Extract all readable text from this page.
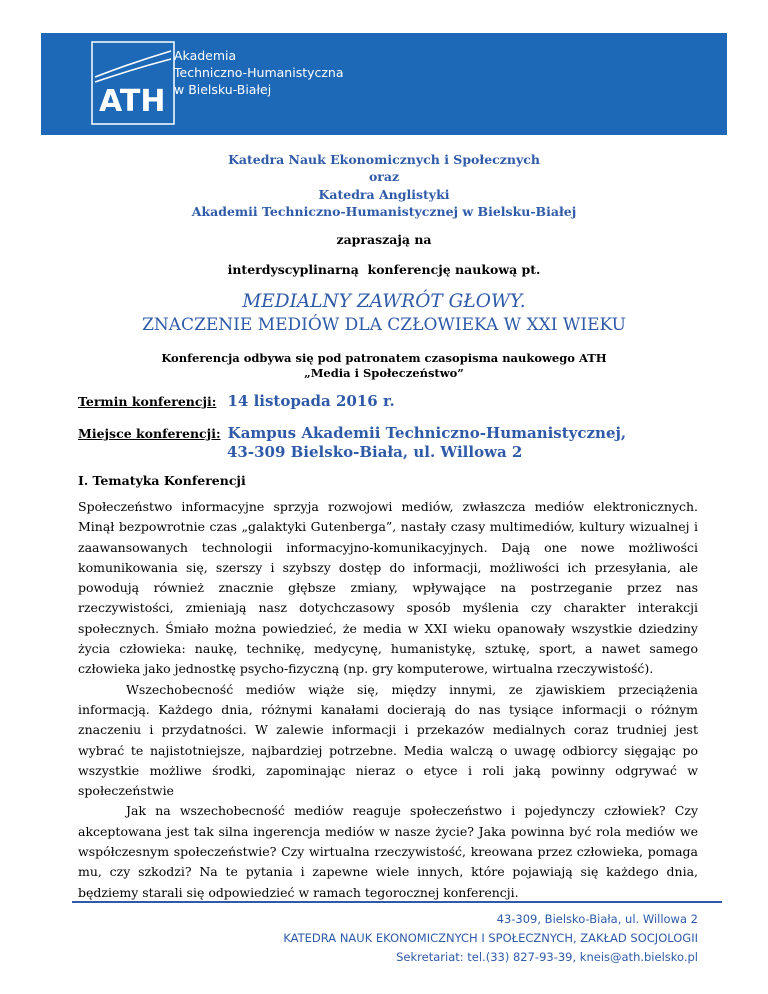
ATH
Akademia
Techniczno-Humanistyczna
w Bielsku-Białej
Katedra Nauk Ekonomicznych i Społecznych
oraz
Katedra Anglistyki
Akademii Techniczno-Humanistycznej w Bielsku-Białej
zapraszają na
interdyscyplinarną  konferencję naukową pt.
MEDIALNY ZAWRÓT GŁOWY.
ZNACZENIE MEDIÓW DLA CZŁOWIEKA W XXI WIEKU
Konferencja odbywa się pod patronatem czasopisma naukowego ATH
„Media i Społeczeństwo”
Termin konferencji: 14 listopada 2016 r.
Miejsce konferencji: Kampus Akademii Techniczno-Humanistycznej,
43-309 Bielsko-Biała, ul. Willowa 2
I. Tematyka Konferencji

Społeczeństwo informacyjne sprzyja rozwojowi mediów, zwłaszcza mediów elektronicznych. Minął bezpowrotnie czas „galaktyki Gutenberga”, nastały czasy multimediów, kultury wizualnej i zaawansowanych technologii informacyjno-komunikacyjnych. Dają one nowe możliwości komunikowania się, szerszy i szybszy dostęp do informacji, możliwości ich przesyłania, ale powodują również znacznie głębsze zmiany, wpływające na postrzeganie przez nas rzeczywistości, zmieniają nasz dotychczasowy sposób myślenia czy charakter interakcji społecznych. Śmiało można powiedzieć, że media w XXI wieku opanowały wszystkie dziedziny życia człowieka: naukę, technikę, medycynę, humanistykę, sztukę, sport, a nawet samego człowieka jako jednostkę psycho-fizyczną (np. gry komputerowe, wirtualna rzeczywistość).

Wszechobecność mediów wiąże się, między innymi, ze zjawiskiem przeciążenia informacją. Każdego dnia, różnymi kanałami docierają do nas tysiące informacji o różnym znaczeniu i przydatności. W zalewie informacji i przekazów medialnych coraz trudniej jest wybrać te najistotniejsze, najbardziej potrzebne. Media walczą o uwagę odbiorcy sięgając po wszystkie możliwe środki, zapominając nieraz o etyce i roli jaką powinny odgrywać w społeczeństwie

Jak na wszechobecność mediów reaguje społeczeństwo i pojedynczy człowiek? Czy akceptowana jest tak silna ingerencja mediów w nasze życie? Jaka powinna być rola mediów we współczesnym społeczeństwie? Czy wirtualna rzeczywistość, kreowana przez człowieka, pomaga mu, czy szkodzi? Na te pytania i zapewne wiele innych, które pojawiają się każdego dnia, będziemy starali się odpowiedzieć w ramach tegorocznej konferencji.

43-309, Bielsko-Biała, ul. Willowa 2
KATEDRA NAUK EKONOMICZNYCH I SPOŁECZNYCH, ZAKŁAD SOCJOLOGII
Sekretariat: tel.(33) 827-93-39, kneis@ath.bielsko.pl
